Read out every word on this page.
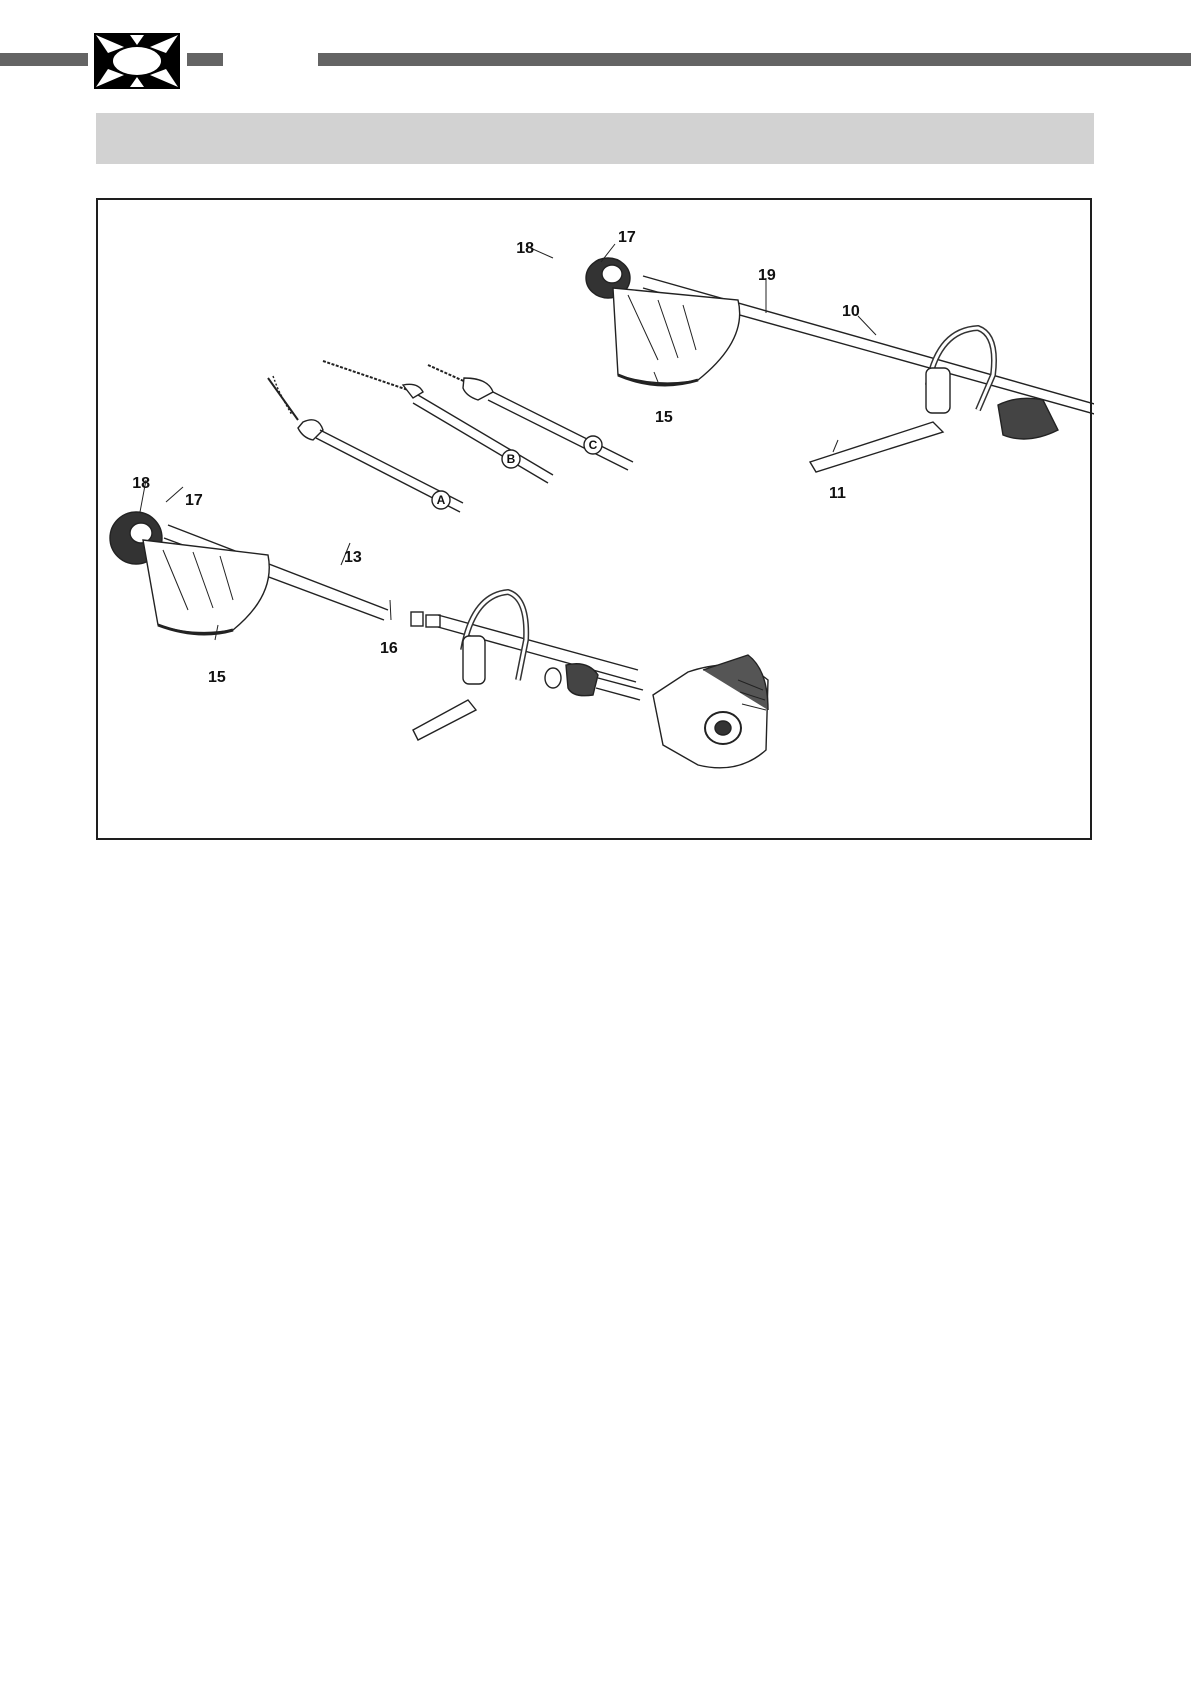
18
17
19
10
15
11
A
B
C
18
17
13
16
15
